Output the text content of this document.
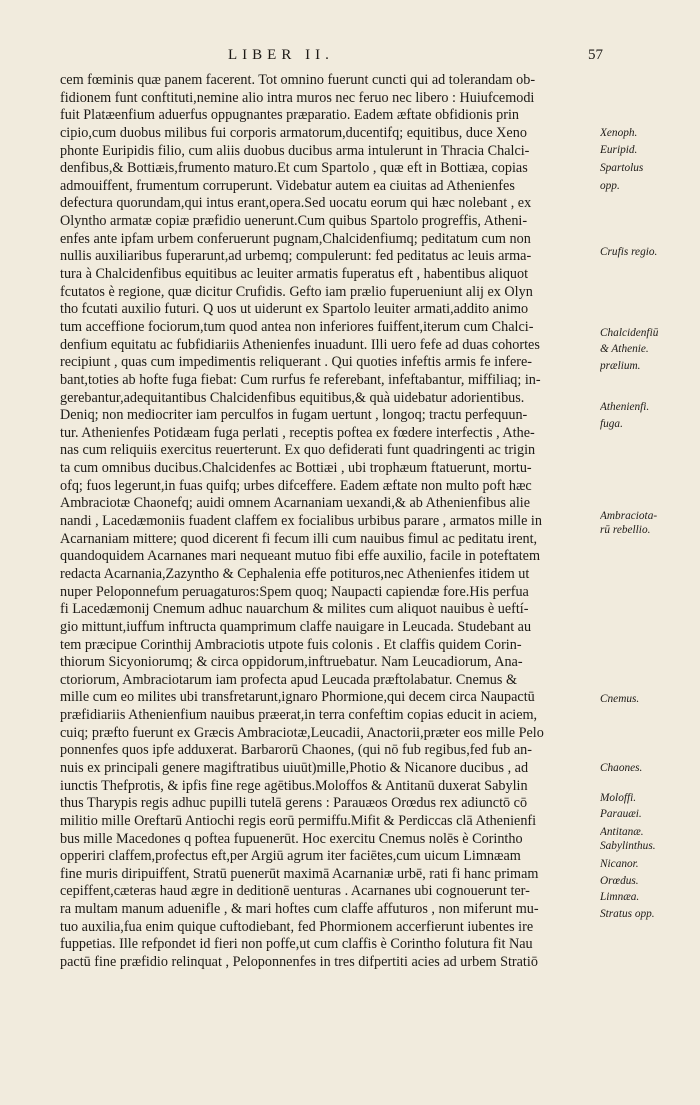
LIBER II.	57
cem fœminis quæ panem facerent. Tot omnino fuerunt cuncti qui ad tolerandam ob-
fidionem funt conftituti,nemine alio intra muros nec feruo nec libero : Huiufcemodi
fuit Platæenfium aduerfus oppugnantes præparatio. Eadem æftate obfidionis prin
cipio,cum duobus milibus fui corporis armatorum,ducentifq; equitibus, duce Xeno
phonte Euripidis filio, cum aliis duobus ducibus arma intulerunt in Thracia Chalci-
denfibus,& Bottiæis,frumento maturo.Et cum Spartolo , quæ eft in Bottiæa, copias
admouiffent, frumentum corruperunt. Videbatur autem ea ciuitas ad Athenienfes
defectura quorundam,qui intus erant,opera.Sed uocatu eorum qui hæc nolebant , ex
Olyntho armatæ copiæ præfidio uenerunt.Cum quibus Spartolo progreffis, Atheni-
enfes ante ipfam urbem conferuerunt pugnam,Chalcidenfiumq; peditatum cum non
nullis auxiliaribus fuperarunt,ad urbemq; compulerunt: fed peditatus ac leuis arma-
tura à Chalcidenfibus equitibus ac leuiter armatis fuperatus eft , habentibus aliquot
fcutatos è regione, quæ dicitur Crufidis. Gefto iam prælio fuperueniunt alij ex Olyn
tho fcutati auxilio futuri. Q uos ut uiderunt ex Spartolo leuiter armati,addito animo
tum acceffione fociorum,tum quod antea non inferiores fuiffent,iterum cum Chalci-
denfium equitatu ac fubfidiariis Athenienfes inuadunt. Illi uero fefe ad duas cohortes
recipiunt , quas cum impedimentis reliquerant . Qui quoties infeftis armis fe infere-
bant,toties ab hofte fuga fiebat: Cum rurfus fe referebant, infeftabantur, miffiliaq; in-
gerebantur,adequitantibus Chalcidenfibus equitibus,& quà uidebatur adorientibus.
Deniq; non mediocriter iam perculfos in fugam uertunt , longoq; tractu perfequun-
tur. Athenienfes Potidæam fuga perlati , receptis poftea ex fœdere interfectis , Athe-
nas cum reliquiis exercitus reuerterunt. Ex quo defiderati funt quadringenti ac trigin
ta cum omnibus ducibus.Chalcidenfes ac Bottiæi , ubi trophæum ftatuerunt, mortu-
ofq; fuos legerunt,in fuas quifq; urbes difceffere. Eadem æftate non multo poft hæc
Ambraciotæ Chaonefq; auidi omnem Acarnaniam uexandi,& ab Athenienfibus alie
nandi , Lacedæmoniis fuadent claffem ex focialibus urbibus parare , armatos mille in
Acarnaniam mittere; quod dicerent fi fecum illi cum nauibus fimul ac peditatu irent,
quandoquidem Acarnanes mari nequeant mutuo fibi effe auxilio, facile in poteftatem
redacta Acarnania,Zazyntho & Cephalenia effe potituros,nec Athenienfes itidem ut
nuper Peloponnefum peruagaturos:Spem quoq; Naupacti capiendæ fore.His perfua
fi Lacedæmonij Cnemum adhuc nauarchum & milites cum aliquot nauibus è ueftí-
gio mittunt,iuffum inftructa quamprimum claffe nauigare in Leucada. Studebant au
tem præcipue Corinthij Ambraciotis utpote fuis colonis . Et claffis quidem Corin-
thiorum Sicyoniorumq; & circa oppidorum,inftruebatur. Nam Leucadiorum, Ana-
ctoriorum, Ambraciotarum iam profecta apud Leucada præftolabatur. Cnemus &
mille cum eo milites ubi transfretarunt,ignaro Phormione,qui decem circa Naupactū
præfidiariis Athenienfium nauibus præerat,in terra confeftim copias educit in aciem,
cuiq; præfto fuerunt ex Græcis Ambraciotæ,Leucadii, Anactorii,præter eos mille Pelo
ponnenfes quos ipfe adduxerat. Barbarorū Chaones, (qui nō fub regibus,fed fub an-
nuis ex principali genere magiftratibus uiuūt)mille,Photio & Nicanore ducibus , ad
iunctis Thefprotis, & ipfis fine rege agētibus.Moloffos & Antitanū duxerat Sabylin
thus Tharypis regis adhuc pupilli tutelā gerens : Parauæos Orœdus rex adiunctō cō
militio mille Oreftarū Antiochi regis eorū permiffu.Mifit & Perdiccas clā Athenienfi
bus mille Macedones q poftea fupuenerūt. Hoc exercitu Cnemus nolēs è Corintho
opperiri claffem,profectus eft,per Argiū agrum iter faciētes,cum uicum Limnæam
fine muris diripuiffent, Stratū puenerūt maximā Acarnaniæ urbē, rati fi hanc primam
cepiffent,cæteras haud ægre in deditionē uenturas . Acarnanes ubi cognouerunt ter-
ra multam manum aduenifle , & mari hoftes cum claffe affuturos , non miferunt mu-
tuo auxilia,fua enim quique cuftodiebant, fed Phormionem accerfierunt iubentes ire
fuppetias. Ille refpondet id fieri non poffe,ut cum claffis è Corintho folutura fit Nau
pactū fine præfidio relinquat , Peloponnenfes in tres difpertiti acies ad urbem Stratiō
Xenoph.
Euripid.
Spartolus
opp.
Crufis regio.
Chalcidenfiū
& Athenie.
prælium.
Athenienfi.
fuga.
Ambraciota-
rū rebellio.
Cnemus.
Chaones.
Moloffi.
Parauæi.
Antitanæ.
Sabylinthus.
Nicanor.
Orœdus.
Limnæa.
Stratus opp.
